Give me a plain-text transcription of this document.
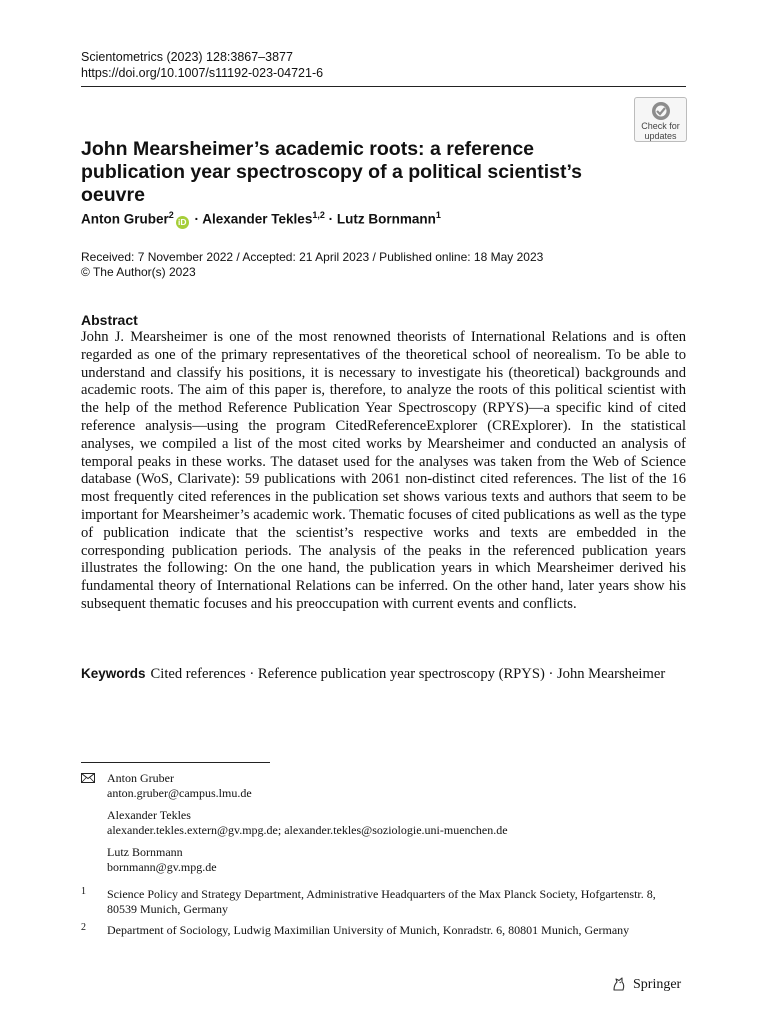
Scientometrics (2023) 128:3867–3877
https://doi.org/10.1007/s11192-023-04721-6
Check for updates
John Mearsheimer’s academic roots: a reference publication year spectroscopy of a political scientist’s oeuvre
Anton Gruber$^2$iD · Alexander Tekles$^{1,2}$ · Lutz Bornmann$^1$
Received: 7 November 2022 / Accepted: 21 April 2023 / Published online: 18 May 2023
© The Author(s) 2023
Abstract

John J. Mearsheimer is one of the most renowned theorists of International Relations and is often regarded as one of the primary representatives of the theoretical school of neorealism. To be able to understand and classify his positions, it is necessary to investigate his (theoretical) backgrounds and academic roots. The aim of this paper is, therefore, to analyze the roots of this political scientist with the help of the method Reference Publication Year Spectroscopy (RPYS)—a specific kind of cited reference analysis—using the program CitedReferenceExplorer (CRExplorer). In the statistical analyses, we compiled a list of the most cited works by Mearsheimer and conducted an analysis of temporal peaks in these works. The dataset used for the analyses was taken from the Web of Science database (WoS, Clarivate): 59 publications with 2061 non-distinct cited references. The list of the 16 most frequently cited references in the publication set shows various texts and authors that seem to be important for Mearsheimer’s academic work. Thematic focuses of cited publications as well as the type of publication indicate that the scientist’s respective works and texts are embedded in the corresponding publication periods. The analysis of the peaks in the referenced publication years illustrates the following: On the one hand, the publication years in which Mearsheimer derived his fundamental theory of International Relations can be inferred. On the other hand, later years show his subsequent thematic focuses and his preoccupation with current events and conflicts.

Keywords Cited references · Reference publication year spectroscopy (RPYS) · John Mearsheimer

Anton Gruber
anton.gruber@campus.lmu.de
Alexander Tekles
alexander.tekles.extern@gv.mpg.de; alexander.tekles@soziologie.uni-muenchen.de
Lutz Bornmann
bornmann@gv.mpg.de
1 Science Policy and Strategy Department, Administrative Headquarters of the Max Planck Society, Hofgartenstr. 8, 80539 Munich, Germany

2 Department of Sociology, Ludwig Maximilian University of Munich, Konradstr. 6, 80801 Munich, Germany

Springer
